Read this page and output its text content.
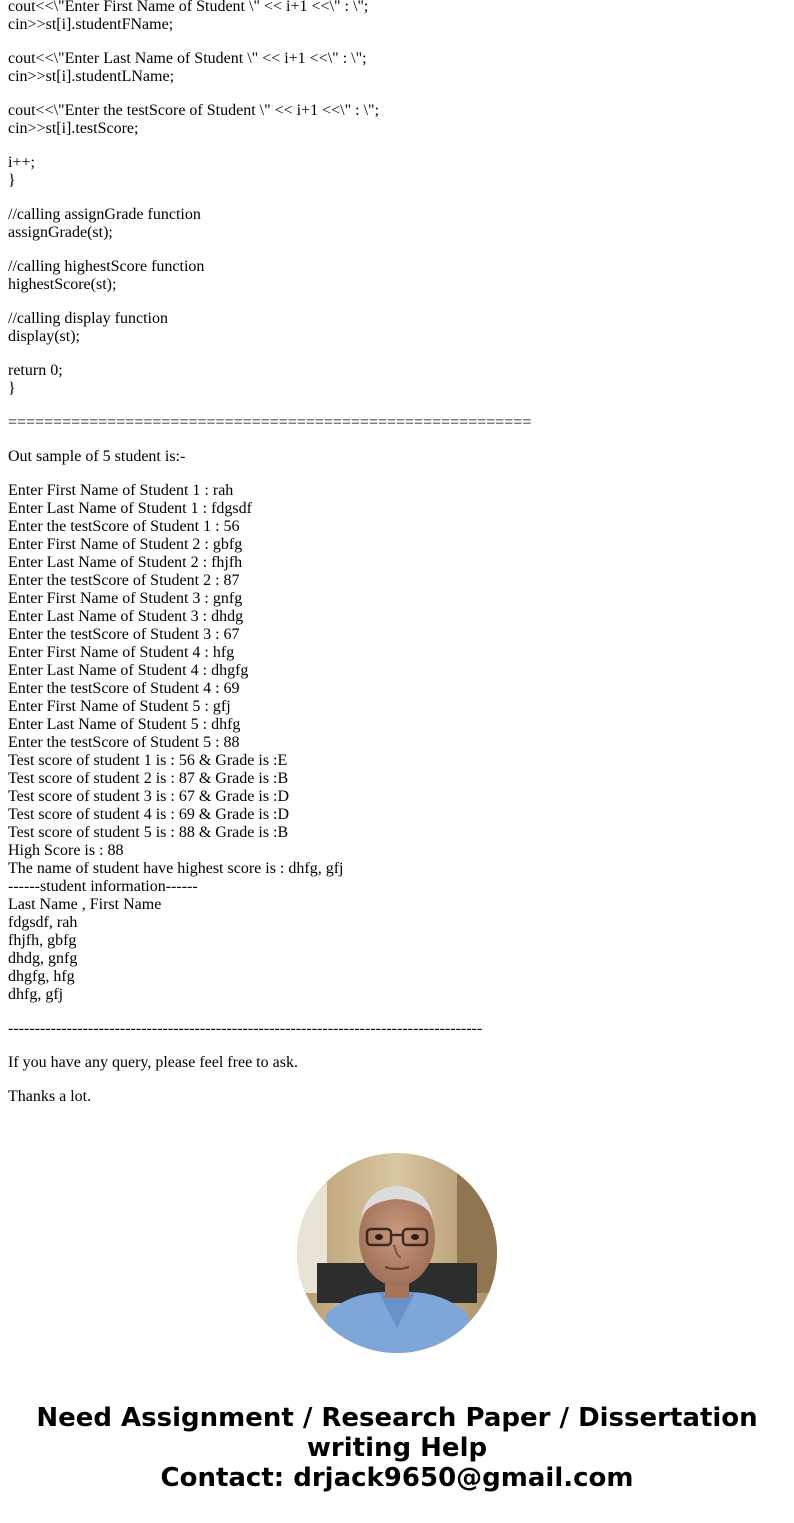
cout<<\"Enter First Name of Student \" << i+1 <<\" : \";
cin>>st[i].studentFName;
cout<<\"Enter Last Name of Student \" << i+1 <<\" : \";
cin>>st[i].studentLName;
cout<<\"Enter the testScore of Student \" << i+1 <<\" : \";
cin>>st[i].testScore;
i++;
}
//calling assignGrade function
assignGrade(st);
//calling highestScore function
highestScore(st);
//calling display function
display(st);
return 0;
}
==========================================================
Out sample of 5 student is:-
Enter First Name of Student 1 : rah
Enter Last Name of Student 1 : fdgsdf
Enter the testScore of Student 1 : 56
Enter First Name of Student 2 : gbfg
Enter Last Name of Student 2 : fhjfh
Enter the testScore of Student 2 : 87
Enter First Name of Student 3 : gnfg
Enter Last Name of Student 3 : dhdg
Enter the testScore of Student 3 : 67
Enter First Name of Student 4 : hfg
Enter Last Name of Student 4 : dhgfg
Enter the testScore of Student 4 : 69
Enter First Name of Student 5 : gfj
Enter Last Name of Student 5 : dhfg
Enter the testScore of Student 5 : 88
Test score of student 1 is : 56 & Grade is :E
Test score of student 2 is : 87 & Grade is :B
Test score of student 3 is : 67 & Grade is :D
Test score of student 4 is : 69 & Grade is :D
Test score of student 5 is : 88 & Grade is :B
High Score is : 88
The name of student have highest score is : dhfg, gfj
------student information------
Last Name , First Name
fdgsdf, rah
fhjfh, gbfg
dhdg, gnfg
dhgfg, hfg
dhfg, gfj
-----------------------------------------------------------------------------------------
If you have any query, please feel free to ask.
Thanks a lot.
Need Assignment / Research Paper / Dissertation
writing Help
Contact: drjack9650@gmail.com
